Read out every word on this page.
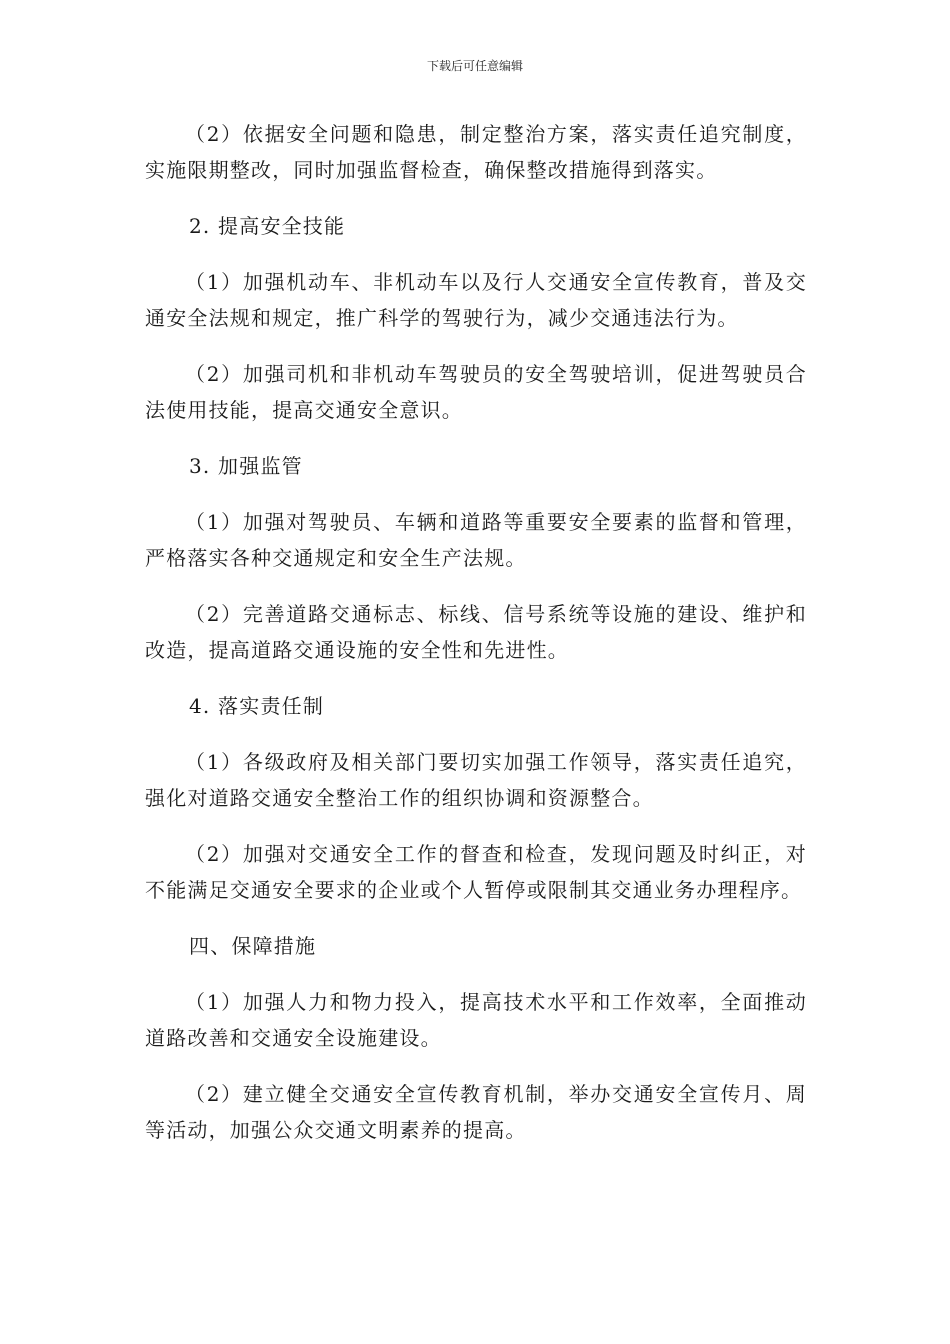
下载后可任意编辑

（2）依据安全问题和隐患，制定整治方案，落实责任追究制度，实施限期整改，同时加强监督检查，确保整改措施得到落实。

2. 提高安全技能

（1）加强机动车、非机动车以及行人交通安全宣传教育，普及交通安全法规和规定，推广科学的驾驶行为，减少交通违法行为。

（2）加强司机和非机动车驾驶员的安全驾驶培训，促进驾驶员合法使用技能，提高交通安全意识。

3. 加强监管

（1）加强对驾驶员、车辆和道路等重要安全要素的监督和管理，严格落实各种交通规定和安全生产法规。

（2）完善道路交通标志、标线、信号系统等设施的建设、维护和改造，提高道路交通设施的安全性和先进性。

4. 落实责任制

（1）各级政府及相关部门要切实加强工作领导，落实责任追究，强化对道路交通安全整治工作的组织协调和资源整合。

（2）加强对交通安全工作的督查和检查，发现问题及时纠正，对不能满足交通安全要求的企业或个人暂停或限制其交通业务办理程序。

四、保障措施

（1）加强人力和物力投入，提高技术水平和工作效率，全面推动道路改善和交通安全设施建设。

（2）建立健全交通安全宣传教育机制，举办交通安全宣传月、周等活动，加强公众交通文明素养的提高。
